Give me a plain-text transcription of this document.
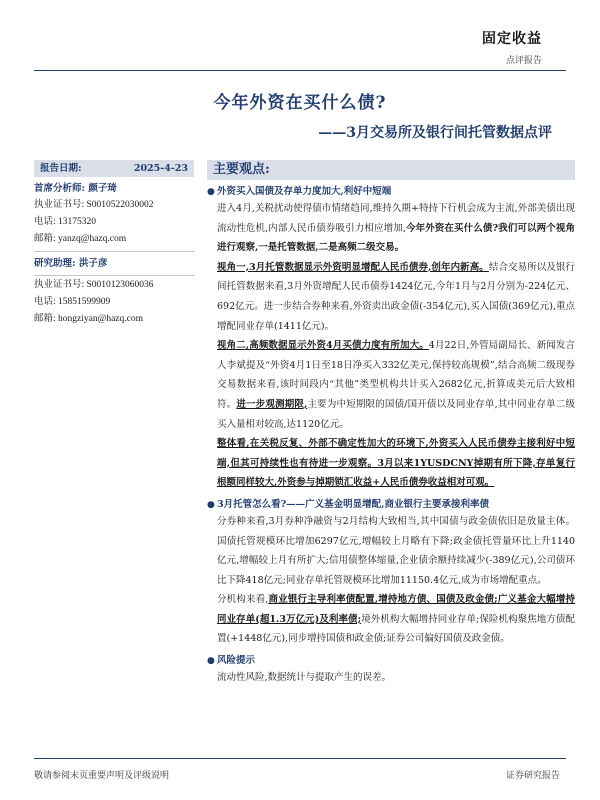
固定收益
点评报告
今年外资在买什么债?
——3月交易所及银行间托管数据点评
报告日期:	2025-4-23
首席分析师: 颜子琦
执业证书号: S0010522030002
电话: 13175320
邮箱: yanzq@hazq.com
研究助理: 洪子彦
执业证书号: S0010123060036
电话: 15851599909
邮箱: hongziyan@hazq.com
主要观点:
● 外资买入国债及存单力度加大,利好中短端
进入4月,关税扰动使得债市情绪趋同,维持久期+特持下行机会成为主流,外部美债出现流动性危机,内部人民币债券吸引力相应增加,今年外资在买什么债?我们可以两个视角进行观察,一是托管数据,二是高频二级交易。
视角一,3月托管数据显示外资明显增配人民币债券,创年内新高。结合交易所以及银行间托管数据来看,3月外资增配人民币债券1424亿元,今年1月与2月分别为-224亿元、692亿元。进一步结合券种来看,外资卖出政金债(-354亿元),买入国债(369亿元),重点增配同业存单(1411亿元)。
视角二,高频数据显示外资4月买债力度有所加大。4月22日,外管局副局长、新闻发言人李斌提及“外资4月1日至18日净买入332亿美元,保持较高规模”,结合高频二级现券交易数据来看,该时间段内“其他”类型机构共计买入2682亿元,折算成美元后大致相符。进一步观测期限,主要为中短期限的国债/国开债以及同业存单,其中同业存单二级买入量相对较高,达1120亿元。
整体看,在关税反复、外部不确定性加大的环境下,外资买入人民币债券主接利好中短端,但其可持续性也有待进一步观察。3月以来1YUSDCNY掉期有所下降,存单复行根额同样较大,外资参与掉期锁汇收益+人民币债券收益相对可观。
● 3月托管怎么看?——广义基金明显增配,商业银行主要承接利率债
分券种来看,3月券种净融资与2月结构大致相当,其中国债与政金债依旧是放量主体。国债托管规模环比增加6297亿元,增幅较上月略有下降;政金债托管量环比上升1140亿元,增幅较上月有所扩大;信用债整体缩量,企业债余额持续减少(-389亿元),公司债环比下降418亿元;同业存单托管规模环比增加11150.4亿元,成为市场增配重点。
分机构来看,商业银行主导利率债配置,增持地方债、国债及政金债;广义基金大幅增持同业存单(超1.3万亿元)及利率债;境外机构大幅增持同业存单;保险机构聚焦地方债配置(+1448亿元),同步增持国债和政金债;证券公司偏好国债及政金债。
● 风险提示
流动性风险,数据统计与提取产生的误差。
敬请参阅末页重要声明及评级说明	证券研究报告
